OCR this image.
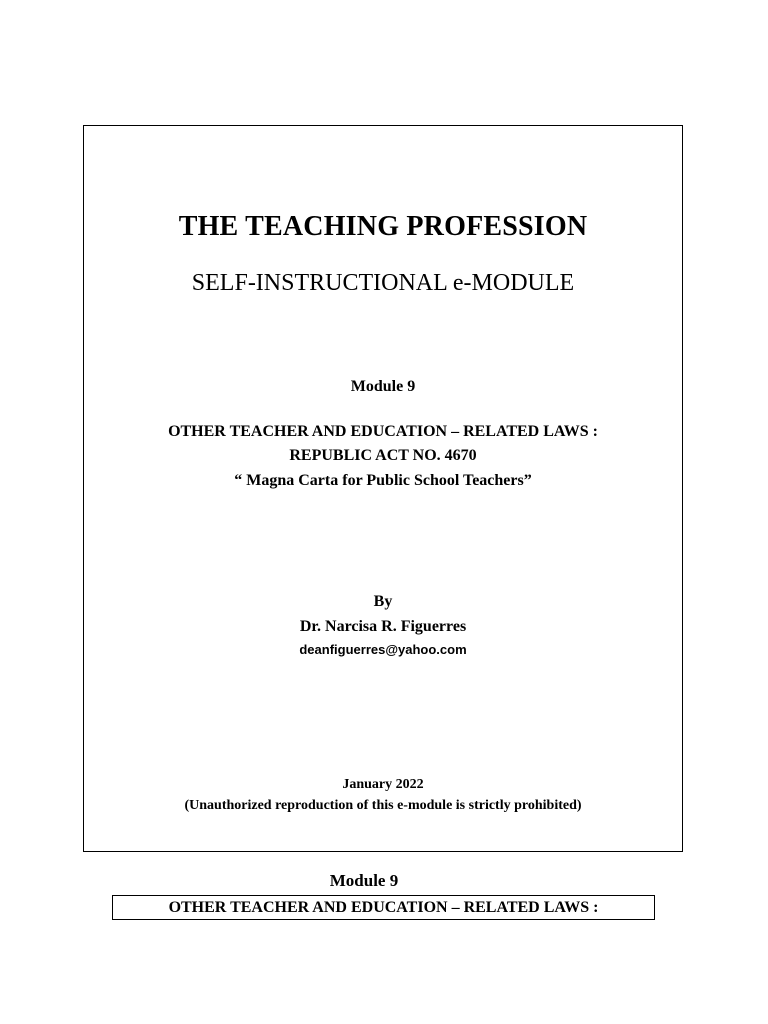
THE TEACHING PROFESSION
SELF-INSTRUCTIONAL e-MODULE
Module 9
OTHER TEACHER AND EDUCATION – RELATED LAWS :
REPUBLIC ACT NO. 4670
“ Magna Carta for Public School Teachers”
By
Dr. Narcisa R. Figuerres
deanfiguerres@yahoo.com
January 2022
(Unauthorized reproduction of this e-module is strictly prohibited)
Module 9
OTHER TEACHER AND EDUCATION – RELATED LAWS :
